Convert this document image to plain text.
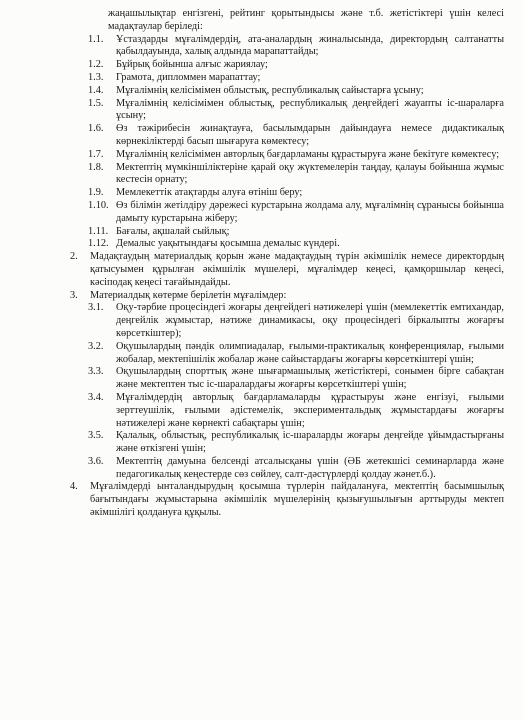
жаңашылықтар енгізгені, рейтинг қорытындысы және т.б. жетістіктері үшін келесі мадақтаулар беріледі:
1.1.	Ұстаздарды мұғалімдердің, ата-аналардың жиналысында, директордың салтанатты қабылдауында, халық алдында марапаттайды;
1.2.	Бұйрық бойынша алғыс жариялау;
1.3.	Грамота, дипломмен марапаттау;
1.4.	Мұғалімнің келісімімен облыстық, республикалық сайыстарға ұсыну;
1.5.	Мұғалімнің келісімімен облыстық, республикалық деңгейдегі жауапты іс-шараларға ұсыну;
1.6.	Өз тәжірибесін жинақтауға, басылымдарын дайындауға немесе дидактикалық көрнекіліктерді басып шығаруға көмектесу;
1.7.	Мұғалімнің келісімімен авторлық бағдарламаны құрастыруға және бекітуге көмектесу;
1.8.	Мектептің мүмкіншіліктеріне қарай оқу жүктемелерін таңдау, қалауы бойынша жұмыс кестесін орнату;
1.9.	Мемлекеттік атақтарды алуға өтініш беру;
1.10. Өз білімін жетілдіру дәрежесі курстарына жолдама алу, мұғалімнің сұранысы бойынша дамыту курстарына жіберу;
1.11. Бағалы, ақшалай сыйлық;
1.12. Демалыс уақытындағы қосымша демалыс күндері.
2.	Мадақтаудың материалдық қорын және мадақтаудың түрін әкімшілік немесе директордың қатысуымен құрылған әкімшілік мүшелері, мұғалімдер кеңесі, қамқоршылар кеңесі, кәсіподақ кеңесі тағайындайды.
3.	Материалдық көтерме берілетін мұғалімдер:
3.1.	Оқу-тәрбие процесіндегі жоғары деңгейдегі нәтижелері үшін (мемлекеттік емтихандар, деңгейлік жұмыстар, нәтиже динамикасы, оқу процесіндегі біркалыпты жоғарғы көрсеткіштер);
3.2.	Оқушылардың пәндік олимпиадалар, ғылыми-практикалық конференциялар, ғылыми жобалар, мектепішілік жобалар және сайыстардағы жоғарғы көрсеткіштері үшін;
3.3.	Оқушылардың спорттық және шығармашылық жетістіктері, сонымен бірге сабақтан және мектептен тыс іс-шаралардағы жоғарғы көрсеткіштері үшін;
3.4.	Мұғалімдердің авторлық бағдарламаларды құрастыруы және енгізуі, ғылыми зерттеушілік, ғылыми әдістемелік, экспериментальдық жұмыстардағы жоғарғы нәтижелері және көрнекті сабақтары үшін;
3.5.	Қалалық, облыстық, республикалық іс-шараларды жоғары деңгейде ұйымдастырғаны және өткізгені үшін;
3.6.	Мектептің дамуына белсенді атсалысқаны үшін (ӘБ жетекшісі семинарларда және педагогикалық кеңестерде сөз сөйлеу, салт-дәстүрлерді қолдау жәнет.б.).
4.	Мұғалімдерді ынталандырудың қосымша түрлерін пайдалануға, мектептің басымшылық бағытындағы жұмыстарына әкімшілік мүшелерінің қызығушылығын арттыруды мектеп әкімшілігі қолдануға құқылы.
